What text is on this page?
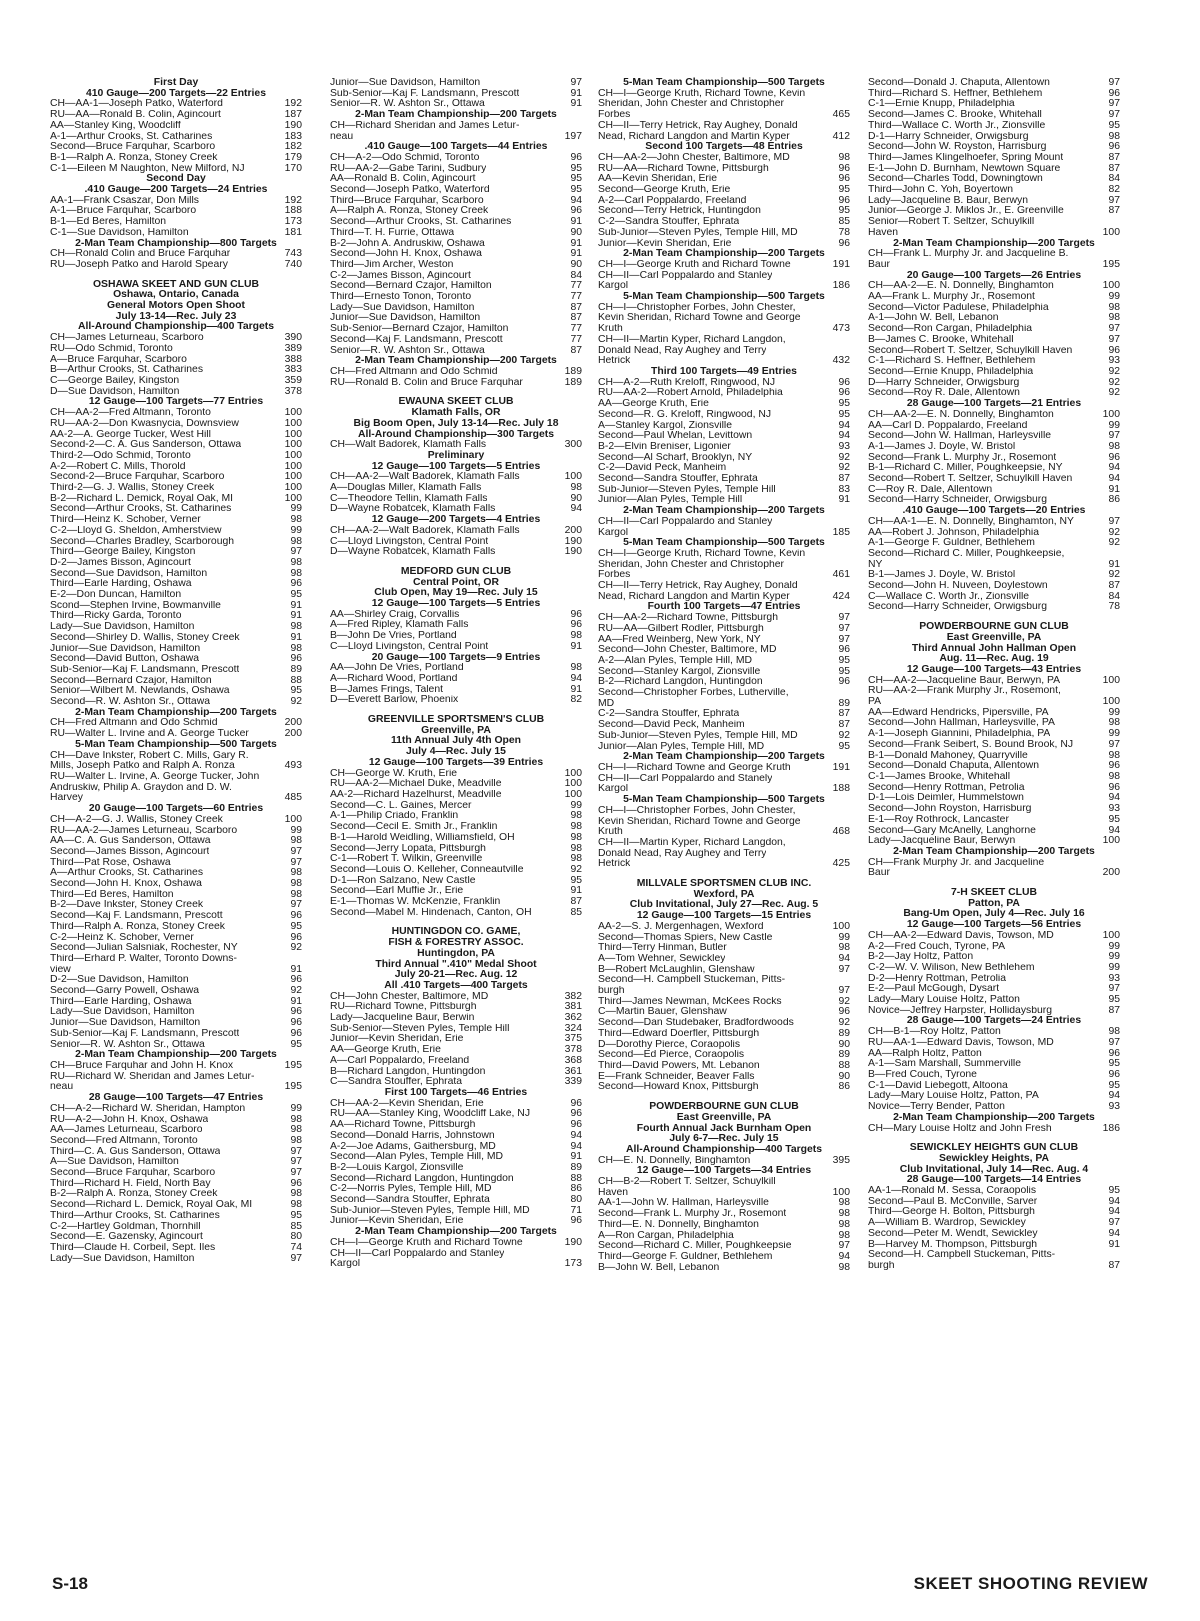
First Day
410 Gauge—200 Targets—22 Entries
CH—AA-1—Joseph Patko, Waterford	192
RU—AA—Ronald B. Colin, Agincourt	187
AA—Stanley King, Woodcliff	190
A-1—Arthur Crooks, St. Catharines	183
Second—Bruce Farquhar, Scarboro	182
B-1—Ralph A. Ronza, Stoney Creek	179
C-1—Eileen M Naughton, New Milford, NJ	170
Second Day
.410 Gauge—200 Targets—24 Entries
AA-1—Frank Csaszar, Don Mills	192
A-1—Bruce Farquhar, Scarboro	188
B-1—Ed Beres, Hamilton	173
C-1—Sue Davidson, Hamilton	181
2-Man Team Championship—800 Targets
CH—Ronald Colin and Bruce Farquhar	743
RU—Joseph Patko and Harold Speary	740
OSHAWA SKEET AND GUN CLUB
Oshawa, Ontario, Canada
General Motors Open Shoot
July 13-14—Rec. July 23
All-Around Championship—400 Targets
CH—James Leturneau, Scarboro	390
RU—Odo Schmid, Toronto	389
A—Bruce Farquhar, Scarboro	388
B—Arthur Crooks, St. Catharines	383
C—George Bailey, Kingston	359
D—Sue Davidson, Hamilton	378
12 Gauge—100 Targets—77 Entries
CH—AA-2—Fred Altmann, Toronto	100
RU—AA-2—Don Kwasnycia, Downsview	100
AA-2—A. George Tucker, West Hill	100
Second-2—C. A. Gus Sanderson, Ottawa	100
Third-2—Odo Schmid, Toronto	100
A-2—Robert C. Mills, Thorold	100
Second-2—Bruce Farquhar, Scarboro	100
Third-2—G. J. Wallis, Stoney Creek	100
B-2—Richard L. Demick, Royal Oak, MI	100
Second—Arthur Crooks, St. Catharines	99
Third—Heinz K. Schober, Verner	98
C-2—Lloyd G. Sheldon, Amherstview	99
Second—Charles Bradley, Scarborough	98
Third—George Bailey, Kingston	97
D-2—James Bisson, Agincourt	98
Second—Sue Davidson, Hamilton	98
Third—Earle Harding, Oshawa	96
E-2—Don Duncan, Hamilton	95
Scond—Stephen Irvine, Bowmanville	91
Third—Ricky Garda, Toronto	91
Lady—Sue Davidson, Hamilton	98
Second—Shirley D. Wallis, Stoney Creek	91
Junior—Sue Davidson, Hamilton	98
Second—David Button, Oshawa	96
Sub-Senior—Kaj F. Landsmann, Prescott	89
Second—Bernard Czajor, Hamilton	88
Senior—Wilbert M. Newlands, Oshawa	95
Second—R. W. Ashton Sr., Ottawa	92
2-Man Team Championship—200 Targets
CH—Fred Altmann and Odo Schmid	200
RU—Walter L. Irvine and A. George Tucker	200
5-Man Team Championship—500 Targets
CH—Dave Inkster, Robert C. Mills, Gary R.
Mills, Joseph Patko and Ralph A. Ronza	493
RU—Walter L. Irvine, A. George Tucker, John
Andruskiw, Philip A. Graydon and D. W.
Harvey	485
20 Gauge—100 Targets—60 Entries
CH—A-2—G. J. Wallis, Stoney Creek	100
RU—AA-2—James Leturneau, Scarboro	99
AA—C. A. Gus Sanderson, Ottawa	98
Second—James Bisson, Agincourt	97
Third—Pat Rose, Oshawa	97
A—Arthur Crooks, St. Catharines	98
Second—John H. Knox, Oshawa	98
Third—Ed Beres, Hamilton	98
B-2—Dave Inkster, Stoney Creek	97
Second—Kaj F. Landsmann, Prescott	96
Third—Ralph A. Ronza, Stoney Creek	95
C-2—Heinz K. Schober, Verner	96
Second—Julian Salsniak, Rochester, NY	92
Third—Erhard P. Walter, Toronto Downs-
view	91
D-2—Sue Davidson, Hamilton	96
Second—Garry Powell, Oshawa	92
Third—Earle Harding, Oshawa	91
Lady—Sue Davidson, Hamilton	96
Junior—Sue Davidson, Hamilton	96
Sub-Senior—Kaj F. Landsmann, Prescott	96
Senior—R. W. Ashton Sr., Ottawa	95
2-Man Team Championship—200 Targets
CH—Bruce Farquhar and John H. Knox	195
RU—Richard W. Sheridan and James Letur-
neau	195
28 Gauge—100 Targets—47 Entries
CH—A-2—Richard W. Sheridan, Hampton	99
RU—A-2—John H. Knox, Oshawa	98
AA—James Leturneau, Scarboro	98
Second—Fred Altmann, Toronto	98
Third—C. A. Gus Sanderson, Ottawa	97
A—Sue Davidson, Hamilton	97
Second—Bruce Farquhar, Scarboro	97
Third—Richard H. Field, North Bay	96
B-2—Ralph A. Ronza, Stoney Creek	98
Second—Richard L. Demick, Royal Oak, MI	98
Third—Arthur Crooks, St. Catharines	95
C-2—Hartley Goldman, Thornhill	85
Second—E. Gazensky, Agincourt	80
Third—Claude H. Corbeil, Sept. Iles	74
Lady—Sue Davidson, Hamilton	97
Junior—Sue Davidson, Hamilton	97
Sub-Senior—Kaj F. Landsmann, Prescott	91
Senior—R. W. Ashton Sr., Ottawa	91
2-Man Team Championship—200 Targets
CH—Richard Sheridan and James Letur-
neau	197
.410 Gauge—100 Targets—44 Entries
CH—A-2—Odo Schmid, Toronto	96
RU—AA-2—Gabe Tarini, Sudbury	95
AA—Ronald B. Colin, Agincourt	95
Second—Joseph Patko, Waterford	95
Third—Bruce Farquhar, Scarboro	94
A—Ralph A. Ronza, Stoney Creek	96
Second—Arthur Crooks, St. Catharines	91
Third—T. H. Furrie, Ottawa	90
B-2—John A. Andruskiw, Oshawa	91
Second—John H. Knox, Oshawa	91
Third—Jim Archer, Weston	90
C-2—James Bisson, Agincourt	84
Second—Bernard Czajor, Hamilton	77
Third—Ernesto Tonon, Toronto	77
Lady—Sue Davidson, Hamilton	87
Junior—Sue Davidson, Hamilton	87
Sub-Senior—Bernard Czajor, Hamilton	77
Second—Kaj F. Landsmann, Prescott	77
Senior—R. W. Ashton Sr., Ottawa	87
2-Man Team Championship—200 Targets
CH—Fred Altmann and Odo Schmid	189
RU—Ronald B. Colin and Bruce Farquhar	189
EWAUNA SKEET CLUB
Klamath Falls, OR
Big Boom Open, July 13-14—Rec. July 18
All-Around Championship—300 Targets
CH—Walt Badorek, Klamath Falls	300
Preliminary
12 Gauge—100 Targets—5 Entries
CH—AA-2—Walt Badorek, Klamath Falls	100
A—Douglas Miller, Klamath Falls	98
C—Theodore Tellin, Klamath Falls	90
D—Wayne Robatcek, Klamath Falls	94
12 Gauge—200 Targets—4 Entries
CH—AA-2—Walt Badorek, Klamath Falls	200
C—Lloyd Livingston, Central Point	190
D—Wayne Robatcek, Klamath Falls	190
MEDFORD GUN CLUB
Central Point, OR
Club Open, May 19—Rec. July 15
12 Gauge—100 Targets—5 Entries
AA—Shirley Craig, Corvallis	96
A—Fred Ripley, Klamath Falls	96
B—John De Vries, Portland	98
C—Lloyd Livingston, Central Point	91
20 Gauge—100 Targets—9 Entries
AA—John De Vries, Portland	98
A—Richard Wood, Portland	94
B—James Frings, Talent	91
D—Everett Barlow, Phoenix	82
GREENVILLE SPORTSMEN'S CLUB
Greenville, PA
11th Annual July 4th Open
July 4—Rec. July 15
12 Gauge—100 Targets—39 Entries
CH—George W. Kruth, Erie	100
RU—AA-2—Michael Duke, Meadville	100
AA-2—Richard Hazelhurst, Meadville	100
Second—C. L. Gaines, Mercer	99
A-1—Philip Criado, Franklin	98
Second—Cecil E. Smith Jr., Franklin	98
B-1—Harold Weidling, Williamsfield, OH	98
Second—Jerry Lopata, Pittsburgh	98
C-1—Robert T. Wilkin, Greenville	98
Second—Louis O. Kelleher, Conneautville	92
D-1—Ron Salzano, New Castle	95
Second—Earl Muffie Jr., Erie	91
E-1—Thomas W. McKenzie, Franklin	87
Second—Mabel M. Hindenach, Canton, OH	85
HUNTINGDON CO. GAME,
FISH & FORESTRY ASSOC.
Huntingdon, PA
Third Annual ".410" Medal Shoot
July 20-21—Rec. Aug. 12
All .410 Targets—400 Targets
CH—John Chester, Baltimore, MD	382
RU—Richard Towne, Pittsburgh	381
Lady—Jacqueline Baur, Berwin	362
Sub-Senior—Steven Pyles, Temple Hill	324
Junior—Kevin Sheridan, Erie	375
AA—George Kruth, Erie	378
A—Carl Poppalardo, Freeland	368
B—Richard Langdon, Huntingdon	361
C—Sandra Stouffer, Ephrata	339
First 100 Targets—46 Entries
CH—AA-2—Kevin Sheridan, Erie	96
RU—AA—Stanley King, Woodcliff Lake, NJ	96
AA—Richard Towne, Pittsburgh	96
Second—Donald Harris, Johnstown	94
A-2—Joe Adams, Gaithersburg, MD	94
Second—Alan Pyles, Temple Hill, MD	91
B-2—Louis Kargol, Zionsville	89
Second—Richard Langdon, Huntingdon	88
C-2—Norris Pyles, Temple Hill, MD	86
Second—Sandra Stouffer, Ephrata	80
Sub-Junior—Steven Pyles, Temple Hill, MD	71
Junior—Kevin Sheridan, Erie	96
2-Man Team Championship—200 Targets
CH—I—George Kruth and Richard Towne	190
CH—II—Carl Poppalardo and Stanley
Kargol	173
5-Man Team Championship—500 Targets
CH—I—George Kruth, Richard Towne, Kevin
Sheridan, John Chester and Christopher
Forbes	465
CH—II—Terry Hetrick, Ray Aughey, Donald
Nead, Richard Langdon and Martin Kyper	412
Second 100 Targets—48 Entries
CH—AA-2—John Chester, Baltimore, MD	98
RU—AA—Richard Towne, Pittsburgh	96
AA—Kevin Sheridan, Erie	96
Second—George Kruth, Erie	95
A-2—Carl Poppalardo, Freeland	96
Second—Terry Hetrick, Huntingdon	95
C-2—Sandra Stouffer, Ephrata	85
Sub-Junior—Steven Pyles, Temple Hill, MD	78
Junior—Kevin Sheridan, Erie	96
2-Man Team Championship—200 Targets
CH—I—George Kruth and Richard Towne	191
CH—II—Carl Poppalardo and Stanley
Kargol	186
5-Man Team Championship—500 Targets
CH—I—Christopher Forbes, John Chester,
Kevin Sheridan, Richard Towne and George
Kruth	473
CH—II—Martin Kyper, Richard Langdon,
Donald Nead, Ray Aughey and Terry
Hetrick	432
Third 100 Targets—49 Entries
CH—A-2—Ruth Kreloff, Ringwood, NJ	96
RU—AA-2—Robert Arnold, Philadelphia	96
AA—George Kruth, Erie	95
Second—R. G. Kreloff, Ringwood, NJ	95
A—Stanley Kargol, Zionsville	94
Second—Paul Whelan, Levittown	94
B-2—Elvin Breniser, Ligonier	93
Second—Al Scharf, Brooklyn, NY	92
C-2—David Peck, Manheim	92
Second—Sandra Stouffer, Ephrata	87
Sub-Junior—Steven Pyles, Temple Hill	83
Junior—Alan Pyles, Temple Hill	91
2-Man Team Championship—200 Targets
CH—II—Carl Poppalardo and Stanley
Kargol	185
5-Man Team Championship—500 Targets
CH—I—George Kruth, Richard Towne, Kevin
Sheridan, John Chester and Christopher
Forbes	461
CH—II—Terry Hetrick, Ray Aughey, Donald
Nead, Richard Langdon and Martin Kyper	424
Fourth 100 Targets—47 Entries
CH—AA-2—Richard Towne, Pittsburgh	97
RU—AA—Gilbert Rodler, Pittsburgh	97
AA—Fred Weinberg, New York, NY	97
Second—John Chester, Baltimore, MD	96
A-2—Alan Pyles, Temple Hill, MD	95
Second—Stanley Kargol, Zionsville	95
B-2—Richard Langdon, Huntingdon	96
Second—Christopher Forbes, Lutherville,
MD	89
C-2—Sandra Stouffer, Ephrata	87
Second—David Peck, Manheim	87
Sub-Junior—Steven Pyles, Temple Hill, MD	92
Junior—Alan Pyles, Temple Hill, MD	95
2-Man Team Championship—200 Targets
CH—I—Richard Towne and George Kruth	191
CH—II—Carl Poppalardo and Stanely
Kargol	188
5-Man Team Championship—500 Targets
CH—I—Christopher Forbes, John Chester,
Kevin Sheridan, Richard Towne and George
Kruth	468
CH—II—Martin Kyper, Richard Langdon,
Donald Nead, Ray Aughey and Terry
Hetrick	425
MILLVALE SPORTSMEN CLUB INC.
Wexford, PA
Club Invitational, July 27—Rec. Aug. 5
12 Gauge—100 Targets—15 Entries
AA-2—S. J. Mergenhagen, Wexford	100
Second—Thomas Spiers, New Castle	99
Third—Terry Hinman, Butler	98
A—Tom Wehner, Sewickley	94
B—Robert McLaughlin, Glenshaw	97
Second—H. Campbell Stuckeman, Pitts-
burgh	97
Third—James Newman, McKees Rocks	92
C—Martin Bauer, Glenshaw	96
Second—Dan Studebaker, Bradfordwoods	92
Third—Edward Doerfler, Pittsburgh	89
D—Dorothy Pierce, Coraopolis	90
Second—Ed Pierce, Coraopolis	89
Third—David Powers, Mt. Lebanon	88
E—Frank Schneider, Beaver Falls	90
Second—Howard Knox, Pittsburgh	86
POWDERBOURNE GUN CLUB
East Greenville, PA
Fourth Annual Jack Burnham Open
July 6-7—Rec. July 15
All-Around Championship—400 Targets
CH—E. N. Donnelly, Binghamton	395
12 Gauge—100 Targets—34 Entries
CH—B-2—Robert T. Seltzer, Schuylkill
Haven	100
AA-1—John W. Hallman, Harleysville	98
Second—Frank L. Murphy Jr., Rosemont	98
Third—E. N. Donnelly, Binghamton	98
A—Ron Cargan, Philadelphia	98
Second—Richard C. Miller, Poughkeepsie	97
Third—George F. Guldner, Bethlehem	94
B—John W. Bell, Lebanon	98
Second—Donald J. Chaputa, Allentown	97
Third—Richard S. Heffner, Bethlehem	96
C-1—Ernie Knupp, Philadelphia	97
Second—James C. Brooke, Whitehall	97
Third—Wallace C. Worth Jr., Zionsville	95
D-1—Harry Schneider, Orwigsburg	98
Second—John W. Royston, Harrisburg	96
Third—James Klingelhoefer, Spring Mount	87
E-1—John D. Burnham, Newtown Square	87
Second—Charles Todd, Downingtown	84
Third—John C. Yoh, Boyertown	82
Lady—Jacqueline B. Baur, Berwyn	97
Junior—George J. Miklos Jr., E. Greenville	87
Senior—Robert T. Seltzer, Schuylkill
Haven	100
2-Man Team Championship—200 Targets
CH—Frank L. Murphy Jr. and Jacqueline B.
Baur	195
20 Gauge—100 Targets—26 Entries
CH—AA-2—E. N. Donnelly, Binghamton	100
AA—Frank L. Murphy Jr., Rosemont	99
Second—Victor Padulese, Philadelphia	98
A-1—John W. Bell, Lebanon	98
Second—Ron Cargan, Philadelphia	97
B—James C. Brooke, Whitehall	97
Second—Robert T. Seltzer, Schuylkill Haven	96
C-1—Richard S. Heffner, Bethlehem	93
Second—Ernie Knupp, Philadelphia	92
D—Harry Schneider, Orwigsburg	92
Second—Roy R. Dale, Allentown	92
28 Gauge—100 Targets—21 Entries
CH—AA-2—E. N. Donnelly, Binghamton	100
AA—Carl D. Poppalardo, Freeland	99
Second—John W. Hallman, Harleysville	97
A-1—James J. Doyle, W. Bristol	98
Second—Frank L. Murphy Jr., Rosemont	96
B-1—Richard C. Miller, Poughkeepsie, NY	94
Second—Robert T. Seltzer, Schuylkill Haven	94
C—Roy R. Dale, Allentown	91
Second—Harry Schneider, Orwigsburg	86
.410 Gauge—100 Targets—20 Entries
CH—AA-1—E. N. Donnelly, Binghamton, NY	97
AA—Robert J. Johnson, Philadelphia	92
A-1—George F. Guldner, Bethlehem	92
Second—Richard C. Miller, Poughkeepsie,
NY	91
B-1—James J. Doyle, W. Bristol	92
Second—John H. Nuveen, Doylestown	87
C—Wallace C. Worth Jr., Zionsville	84
Second—Harry Schneider, Orwigsburg	78
POWDERBOURNE GUN CLUB
East Greenville, PA
Third Annual John Hallman Open
Aug. 11—Rec. Aug. 19
12 Gauge—100 Targets—43 Entries
CH—AA-2—Jacqueline Baur, Berwyn, PA	100
RU—AA-2—Frank Murphy Jr., Rosemont,
PA	100
AA—Edward Hendricks, Pipersville, PA	99
Second—John Hallman, Harleysville, PA	98
A-1—Joseph Giannini, Philadelphia, PA	99
Second—Frank Seibert, S. Bound Brook, NJ	97
B-1—Donald Mahoney, Quarryville	98
Second—Donald Chaputa, Allentown	96
C-1—James Brooke, Whitehall	98
Second—Henry Rottman, Petrolia	96
D-1—Lois Deimler, Hummelstown	94
Second—John Royston, Harrisburg	93
E-1—Roy Rothrock, Lancaster	95
Second—Gary McAnelly, Langhorne	94
Lady—Jacqueline Baur, Berwyn	100
2-Man Team Championship—200 Targets
CH—Frank Murphy Jr. and Jacqueline
Baur	200
7-H SKEET CLUB
Patton, PA
Bang-Um Open, July 4—Rec. July 16
12 Gauge—100 Targets—56 Entries
CH—AA-2—Edward Davis, Towson, MD	100
A-2—Fred Couch, Tyrone, PA	99
B-2—Jay Holtz, Patton	99
C-2—W. V. Wilison, New Bethlehem	99
D-2—Henry Rottman, Petrolia	93
E-2—Paul McGough, Dysart	97
Lady—Mary Louise Holtz, Patton	95
Novice—Jeffrey Harpster, Hollidaysburg	87
28 Gauge—100 Targets—24 Entries
CH—B-1—Roy Holtz, Patton	98
RU—AA-1—Edward Davis, Towson, MD	97
AA—Ralph Holtz, Patton	96
A-1—Sam Marshall, Summerville	95
B—Fred Couch, Tyrone	96
C-1—David Liebegott, Altoona	95
Lady—Mary Louise Holtz, Patton, PA	94
Novice—Terry Bender, Patton	93
2-Man Team Championship—200 Targets
CH—Mary Louise Holtz and John Fresh	186
SEWICKLEY HEIGHTS GUN CLUB
Sewickley Heights, PA
Club Invitational, July 14—Rec. Aug. 4
28 Gauge—100 Targets—14 Entries
AA-1—Ronald M. Sessa, Coraopolis	95
Second—Paul B. McConville, Sarver	94
Third—George H. Bolton, Pittsburgh	94
A—William B. Wardrop, Sewickley	97
Second—Peter M. Wendt, Sewickley	94
B—Harvey M. Thompson, Pittsburgh	91
Second—H. Campbell Stuckeman, Pitts-
burgh	87
S-18	SKEET SHOOTING REVIEW
